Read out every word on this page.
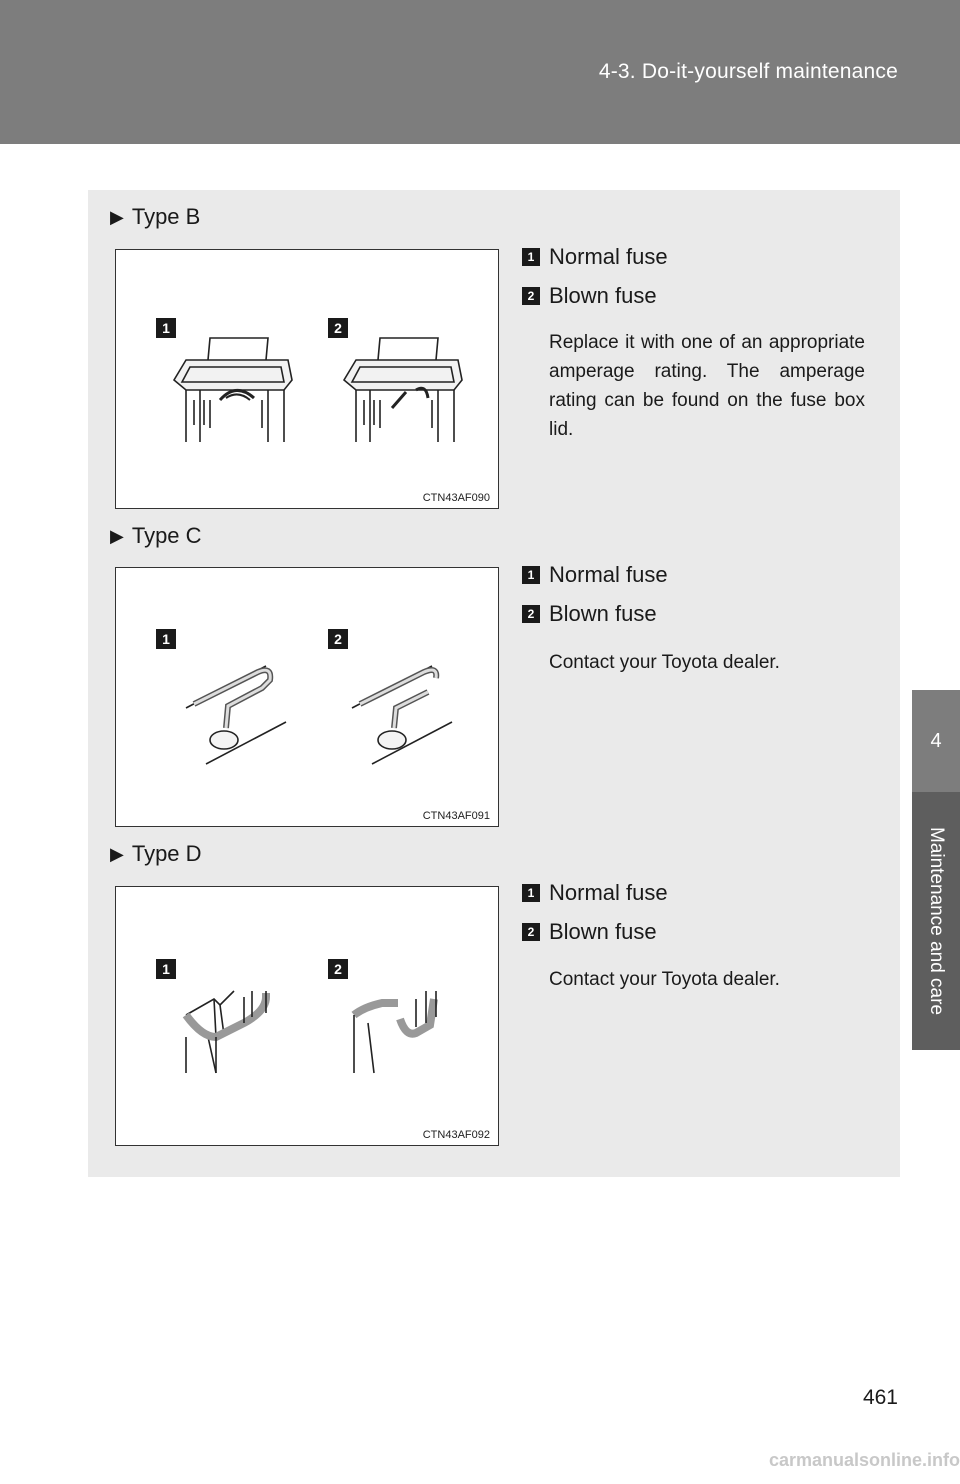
4-3. Do-it-yourself maintenance
4
Maintenance and care
▶ Type B
1	2
CTN43AF090
1 Normal fuse
2 Blown fuse
Replace it with one of an appropriate amperage rating. The amperage rating can be found on the fuse box lid.
▶ Type C
1	2
CTN43AF091
1 Normal fuse
2 Blown fuse
Contact your Toyota dealer.
▶ Type D
1	2
CTN43AF092
1 Normal fuse
2 Blown fuse
Contact your Toyota dealer.
461
carmanualsonline.info
